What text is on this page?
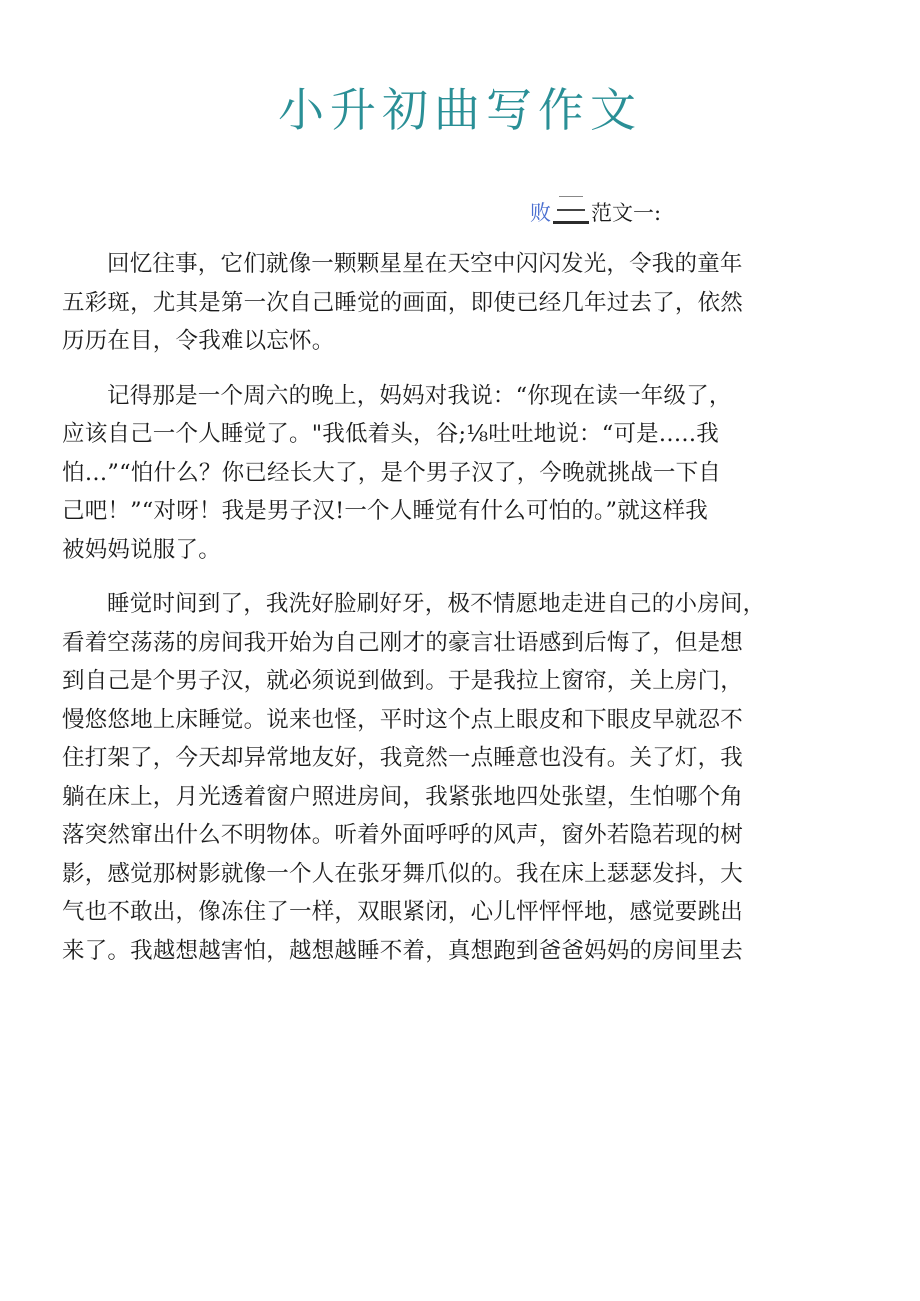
小升初曲写作文
败 范文一:

回忆往事，它们就像一颗颗星星在天空中闪闪发光，令我的童年
五彩斑，尤其是第一次自己睡觉的画面，即使已经几年过去了，依然
历历在目，令我难以忘怀。

记得那是一个周六的晚上，妈妈对我说：“你现在读一年级了，
应该自己一个人睡觉了。"我低着头，谷;⅛吐吐地说：“可是.….我
怕…”“怕什么？你已经长大了，是个男子汉了，今晚就挑战一下自
己吧！”“对呀！我是男子汉!一个人睡觉有什么可怕的。”就这样我
被妈妈说服了。

睡觉时间到了，我洗好脸刷好牙，极不情愿地走进自己的小房间，
看着空荡荡的房间我开始为自己刚才的豪言壮语感到后悔了，但是想
到自己是个男子汉，就必须说到做到。于是我拉上窗帘，关上房门，
慢悠悠地上床睡觉。说来也怪，平时这个点上眼皮和下眼皮早就忍不
住打架了，今天却异常地友好，我竟然一点睡意也没有。关了灯，我
躺在床上，月光透着窗户照进房间，我紧张地四处张望，生怕哪个角
落突然窜出什么不明物体。听着外面呼呼的风声，窗外若隐若现的树
影，感觉那树影就像一个人在张牙舞爪似的。我在床上瑟瑟发抖，大
气也不敢出，像冻住了一样，双眼紧闭，心儿怦怦怦地，感觉要跳出
来了。我越想越害怕，越想越睡不着，真想跑到爸爸妈妈的房间里去
